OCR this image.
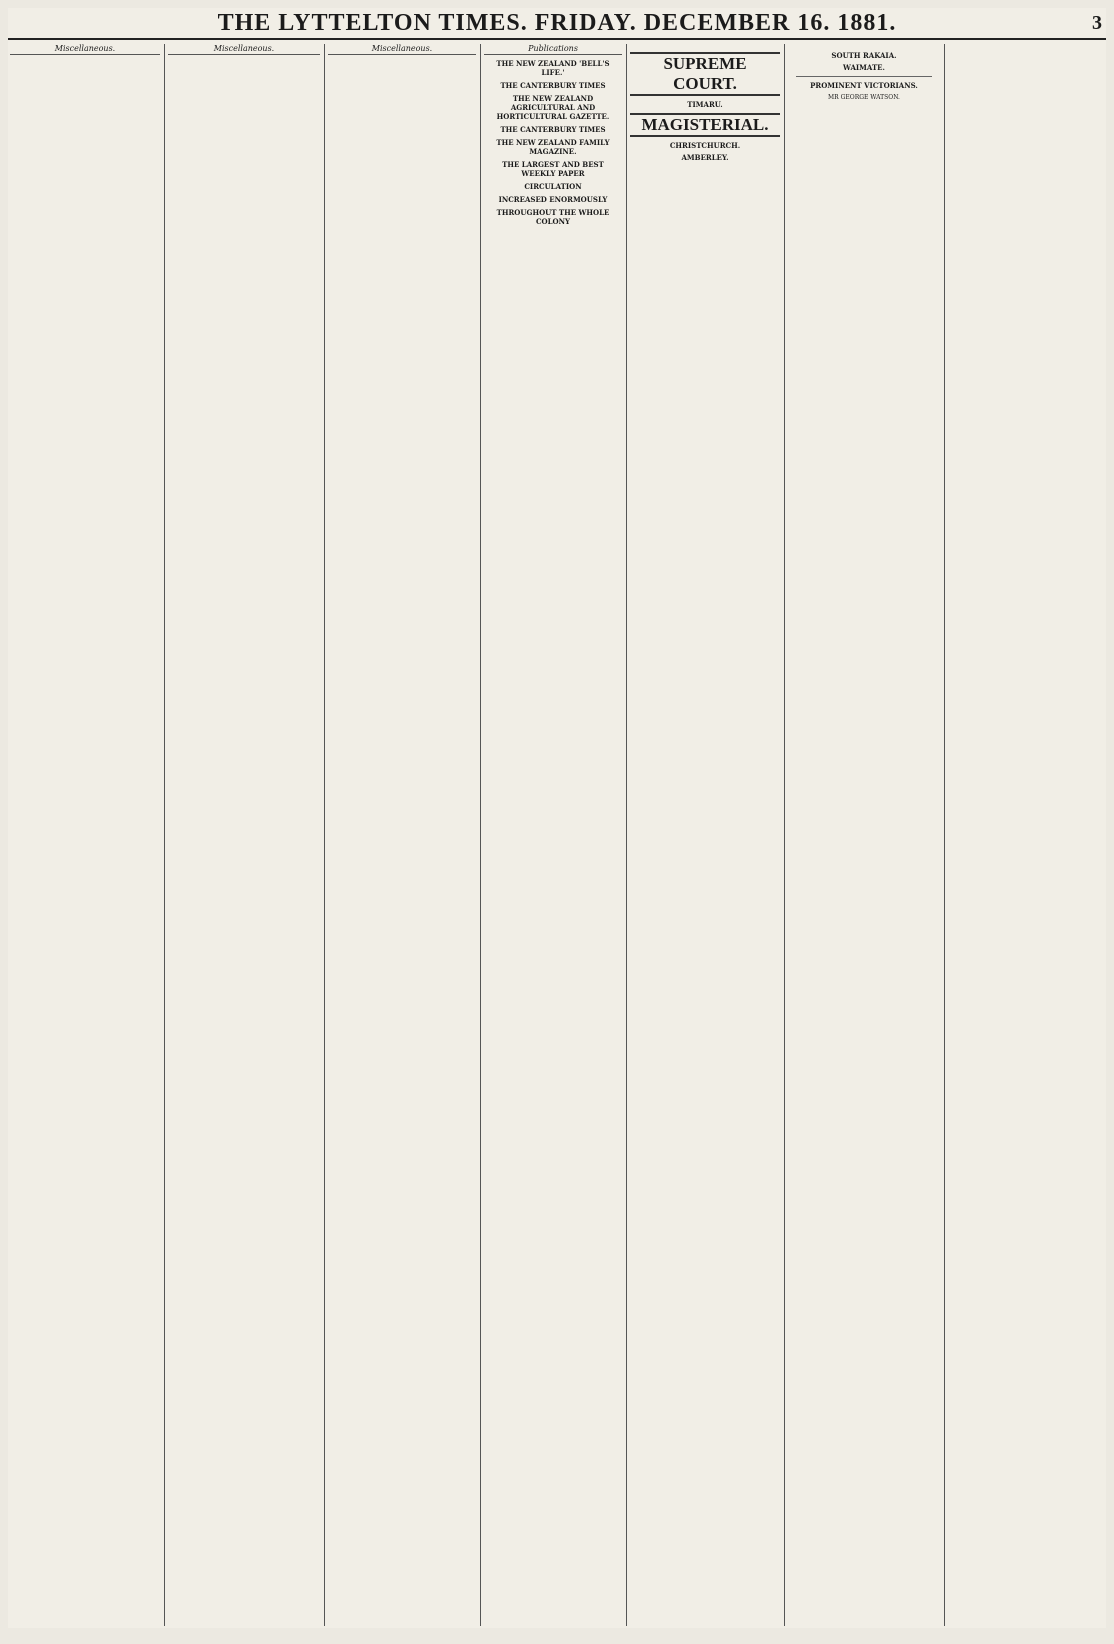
THE LYTTELTON TIMES. FRIDAY. DECEMBER 16. 1881.	3
Miscellaneous.	Miscellaneous.	Miscellaneous.	Publications
THE NEW ZEALAND 'BELL'S LIFE.'
THE CANTERBURY TIMES
THE NEW ZEALAND AGRICULTURAL AND HORTICULTURAL GAZETTE.
THE CANTERBURY TIMES
THE NEW ZEALAND FAMILY MAGAZINE.
THE LARGEST AND BEST WEEKLY PAPER
CIRCULATION
INCREASED ENORMOUSLY
THROUGHOUT THE WHOLE COLONY
SUPREME COURT.
TIMARU.
MAGISTERIAL.
CHRISTCHURCH.
AMBERLEY.
SOUTH RAKAIA.
WAIMATE.
PROMINENT VICTORIANS.
MR GEORGE WATSON.
